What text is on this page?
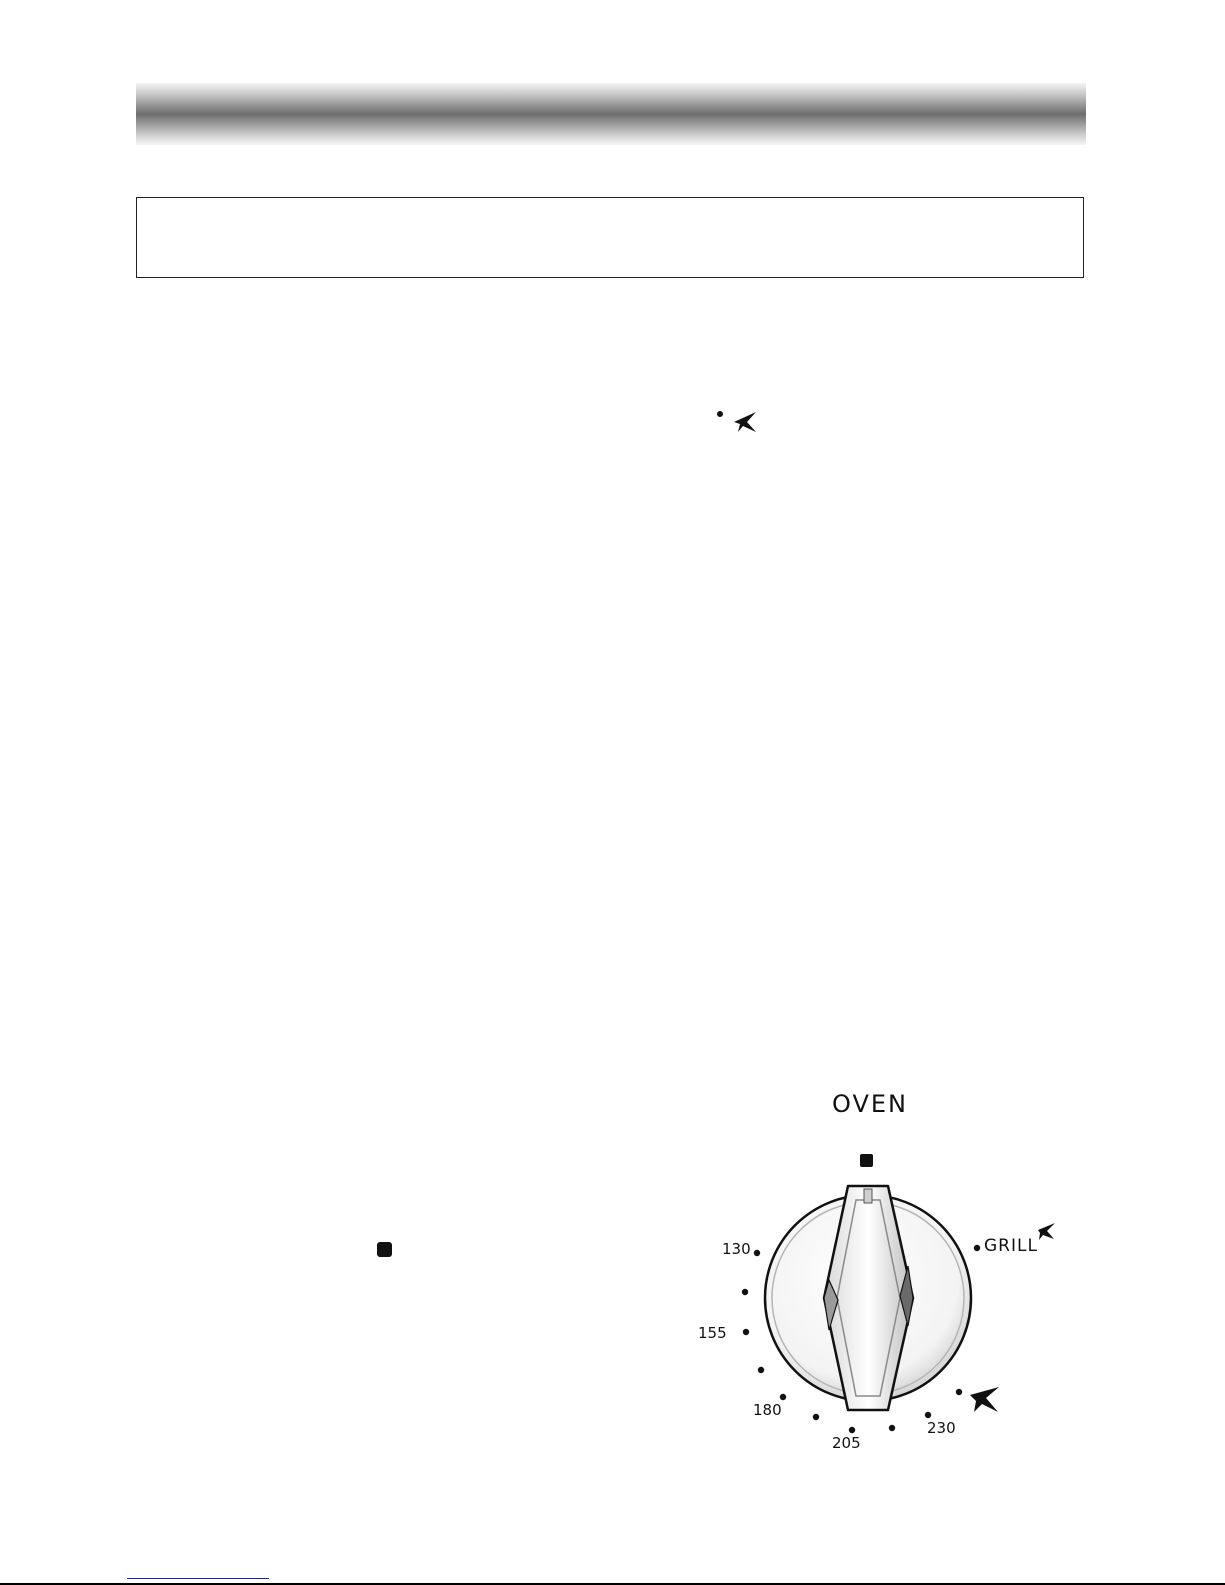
OVEN
130
155
180
205
230
GRILL
